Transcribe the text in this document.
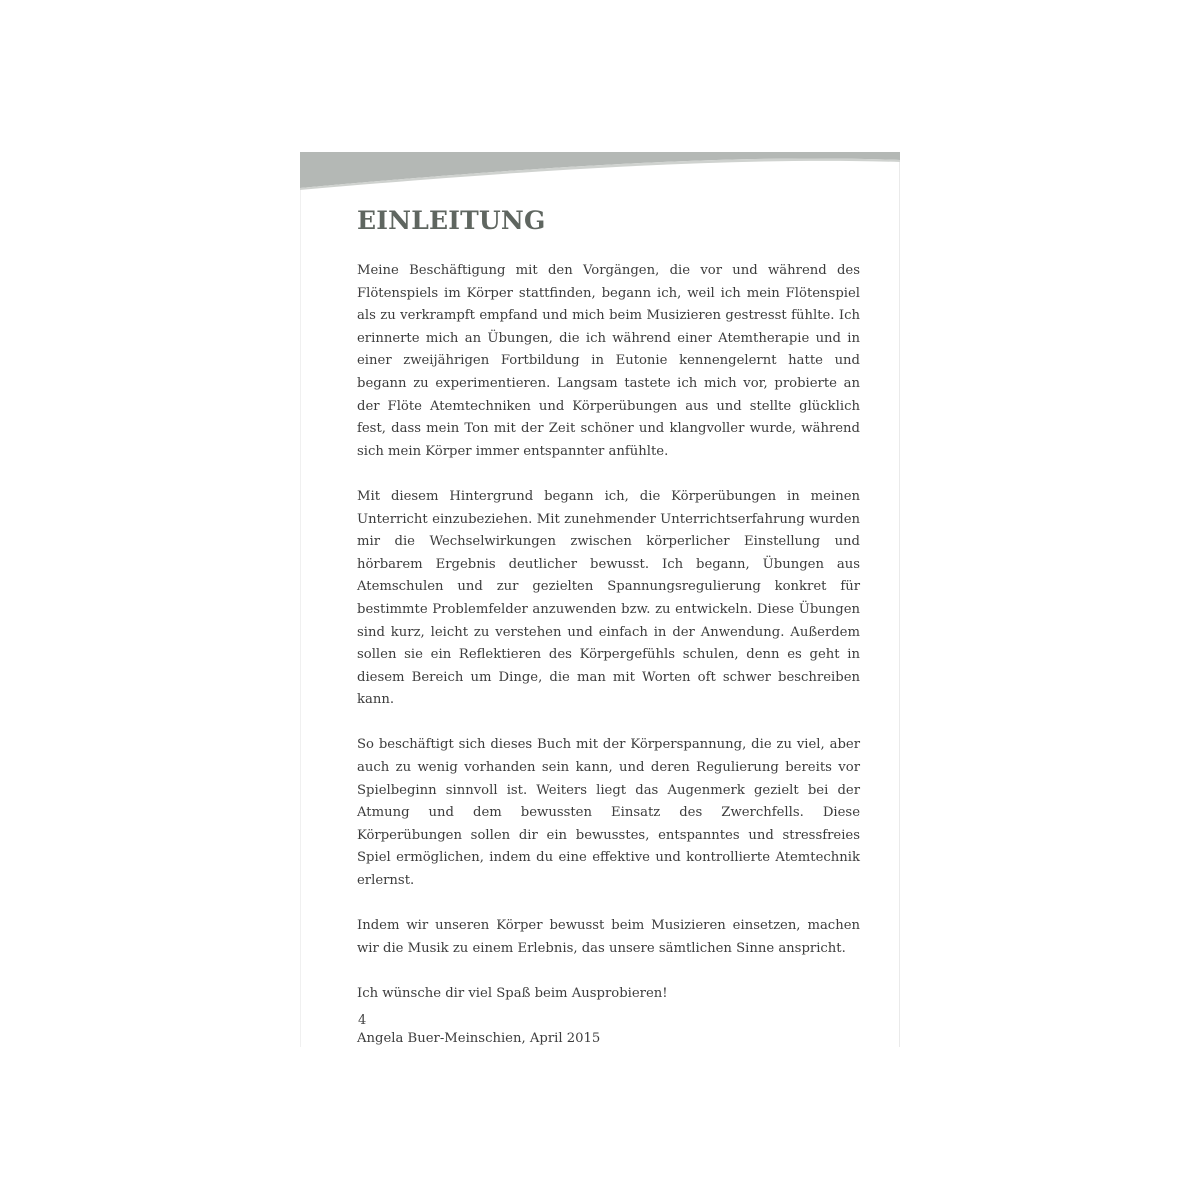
EINLEITUNG

Meine Beschäftigung mit den Vorgängen, die vor und während des Flötenspiels im Körper stattfinden, begann ich, weil ich mein Flötenspiel als zu verkrampft empfand und mich beim Musizieren gestresst fühlte. Ich erinnerte mich an Übungen, die ich während einer Atemtherapie und in einer zweijährigen Fortbildung in Eutonie kennengelernt hatte und begann zu experimentieren. Langsam tastete ich mich vor, probierte an der Flöte Atemtechniken und Körperübungen aus und stellte glücklich fest, dass mein Ton mit der Zeit schöner und klangvoller wurde, während sich mein Körper immer entspannter anfühlte.

Mit diesem Hintergrund begann ich, die Körperübungen in meinen Unterricht einzubeziehen. Mit zunehmender Unterrichtserfahrung wurden mir die Wechselwirkungen zwischen körperlicher Einstellung und hörbarem Ergebnis deutlicher bewusst. Ich begann, Übungen aus Atemschulen und zur gezielten Spannungsregulierung konkret für bestimmte Problemfelder anzuwenden bzw. zu entwickeln. Diese Übungen sind kurz, leicht zu verstehen und einfach in der Anwendung. Außerdem sollen sie ein Reflektieren des Körpergefühls schulen, denn es geht in diesem Bereich um Dinge, die man mit Worten oft schwer beschreiben kann.

So beschäftigt sich dieses Buch mit der Körperspannung, die zu viel, aber auch zu wenig vorhanden sein kann, und deren Regulierung bereits vor Spielbeginn sinnvoll ist. Weiters liegt das Augenmerk gezielt bei der Atmung und dem bewussten Einsatz des Zwerchfells. Diese Körperübungen sollen dir ein bewusstes, entspanntes und stressfreies Spiel ermöglichen, indem du eine effektive und kontrollierte Atemtechnik erlernst.

Indem wir unseren Körper bewusst beim Musizieren einsetzen, machen wir die Musik zu einem Erlebnis, das unsere sämtlichen Sinne anspricht.

Ich wünsche dir viel Spaß beim Ausprobieren!

Angela Buer-Meinschien, April 2015

4
